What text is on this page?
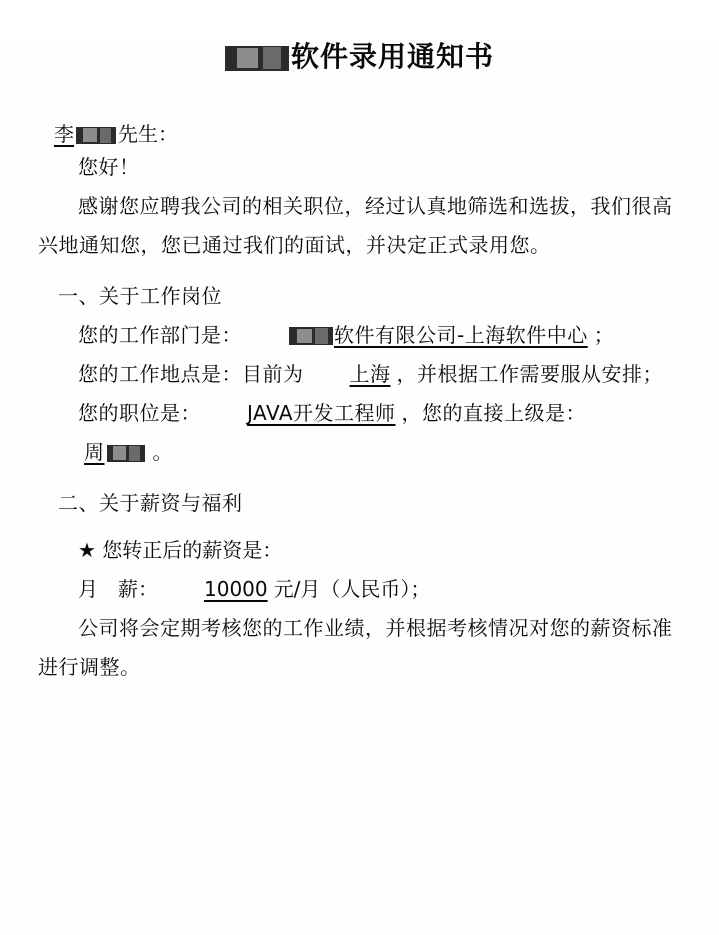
软件录用通知书
李 先生：

您好！

感谢您应聘我公司的相关职位，经过认真地筛选和选拔，我们很高兴地通知您，您已通过我们的面试，并决定正式录用您。

一、关于工作岗位

您的工作部门是：	软件有限公司-上海软件中心 ；

您的工作地点是：目前为 上海 ，并根据工作需要服从安排；

您的职位是： JAVA开发工程师 ，您的直接上级是：周 。

二、关于薪资与福利

★ 您转正后的薪资是：

月　薪： 10000 元/月（人民币）；

公司将会定期考核您的工作业绩，并根据考核情况对您的薪资标准进行调整。
